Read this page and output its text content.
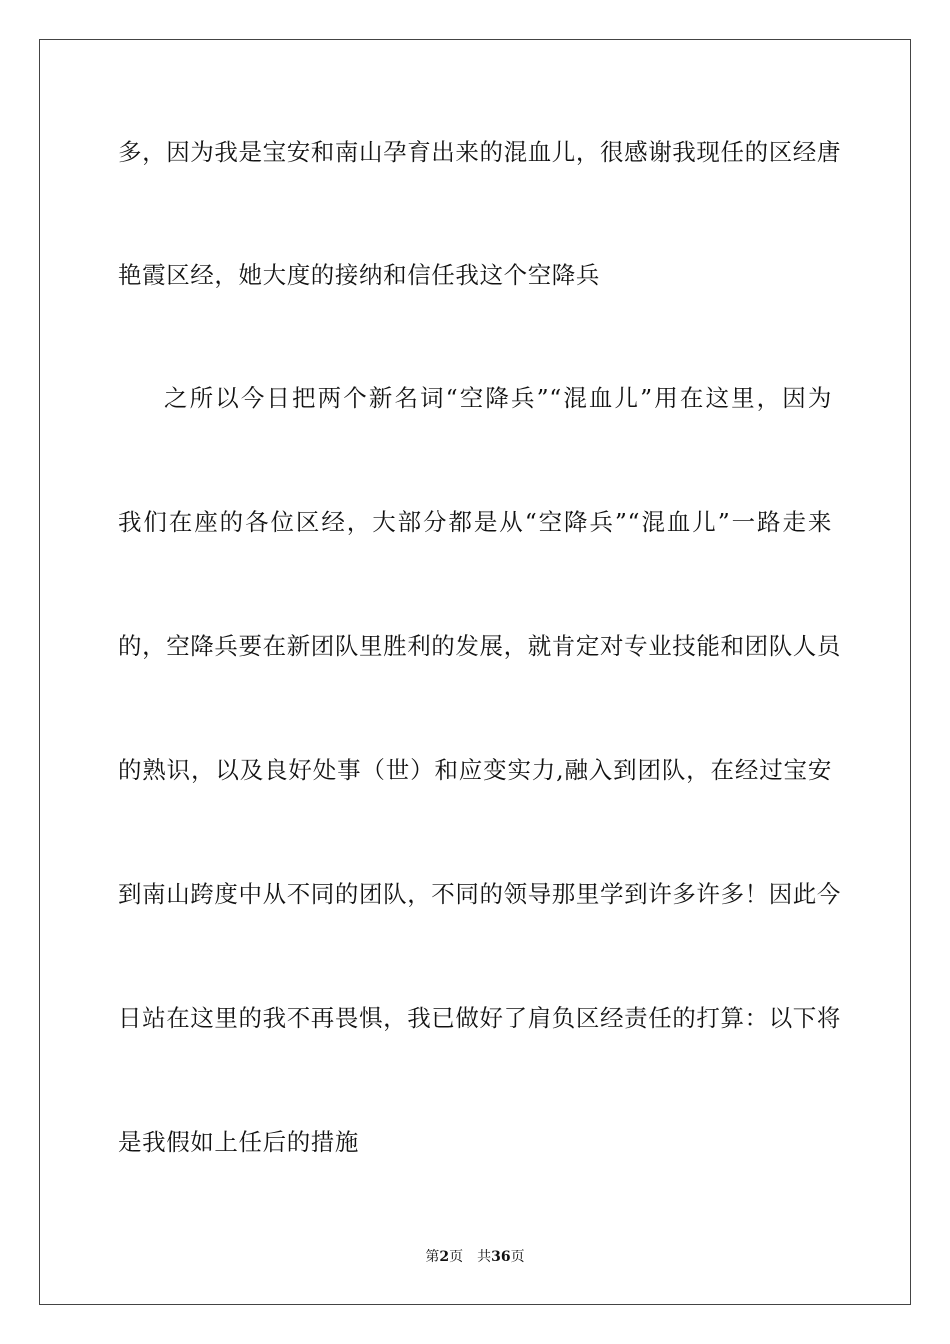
多，因为我是宝安和南山孕育出来的混血儿，很感谢我现任的区经唐
艳霞区经，她大度的接纳和信任我这个空降兵
之所以今日把两个新名词“空降兵”“混血儿”用在这里，因为
我们在座的各位区经，大部分都是从“空降兵”“混血儿”一路走来
的，空降兵要在新团队里胜利的发展，就肯定对专业技能和团队人员
的熟识，以及良好处事（世）和应变实力,融入到团队，在经过宝安
到南山跨度中从不同的团队，不同的领导那里学到许多许多！因此今
日站在这里的我不再畏惧，我已做好了肩负区经责任的打算：以下将
是我假如上任后的措施
第2页 共36页
